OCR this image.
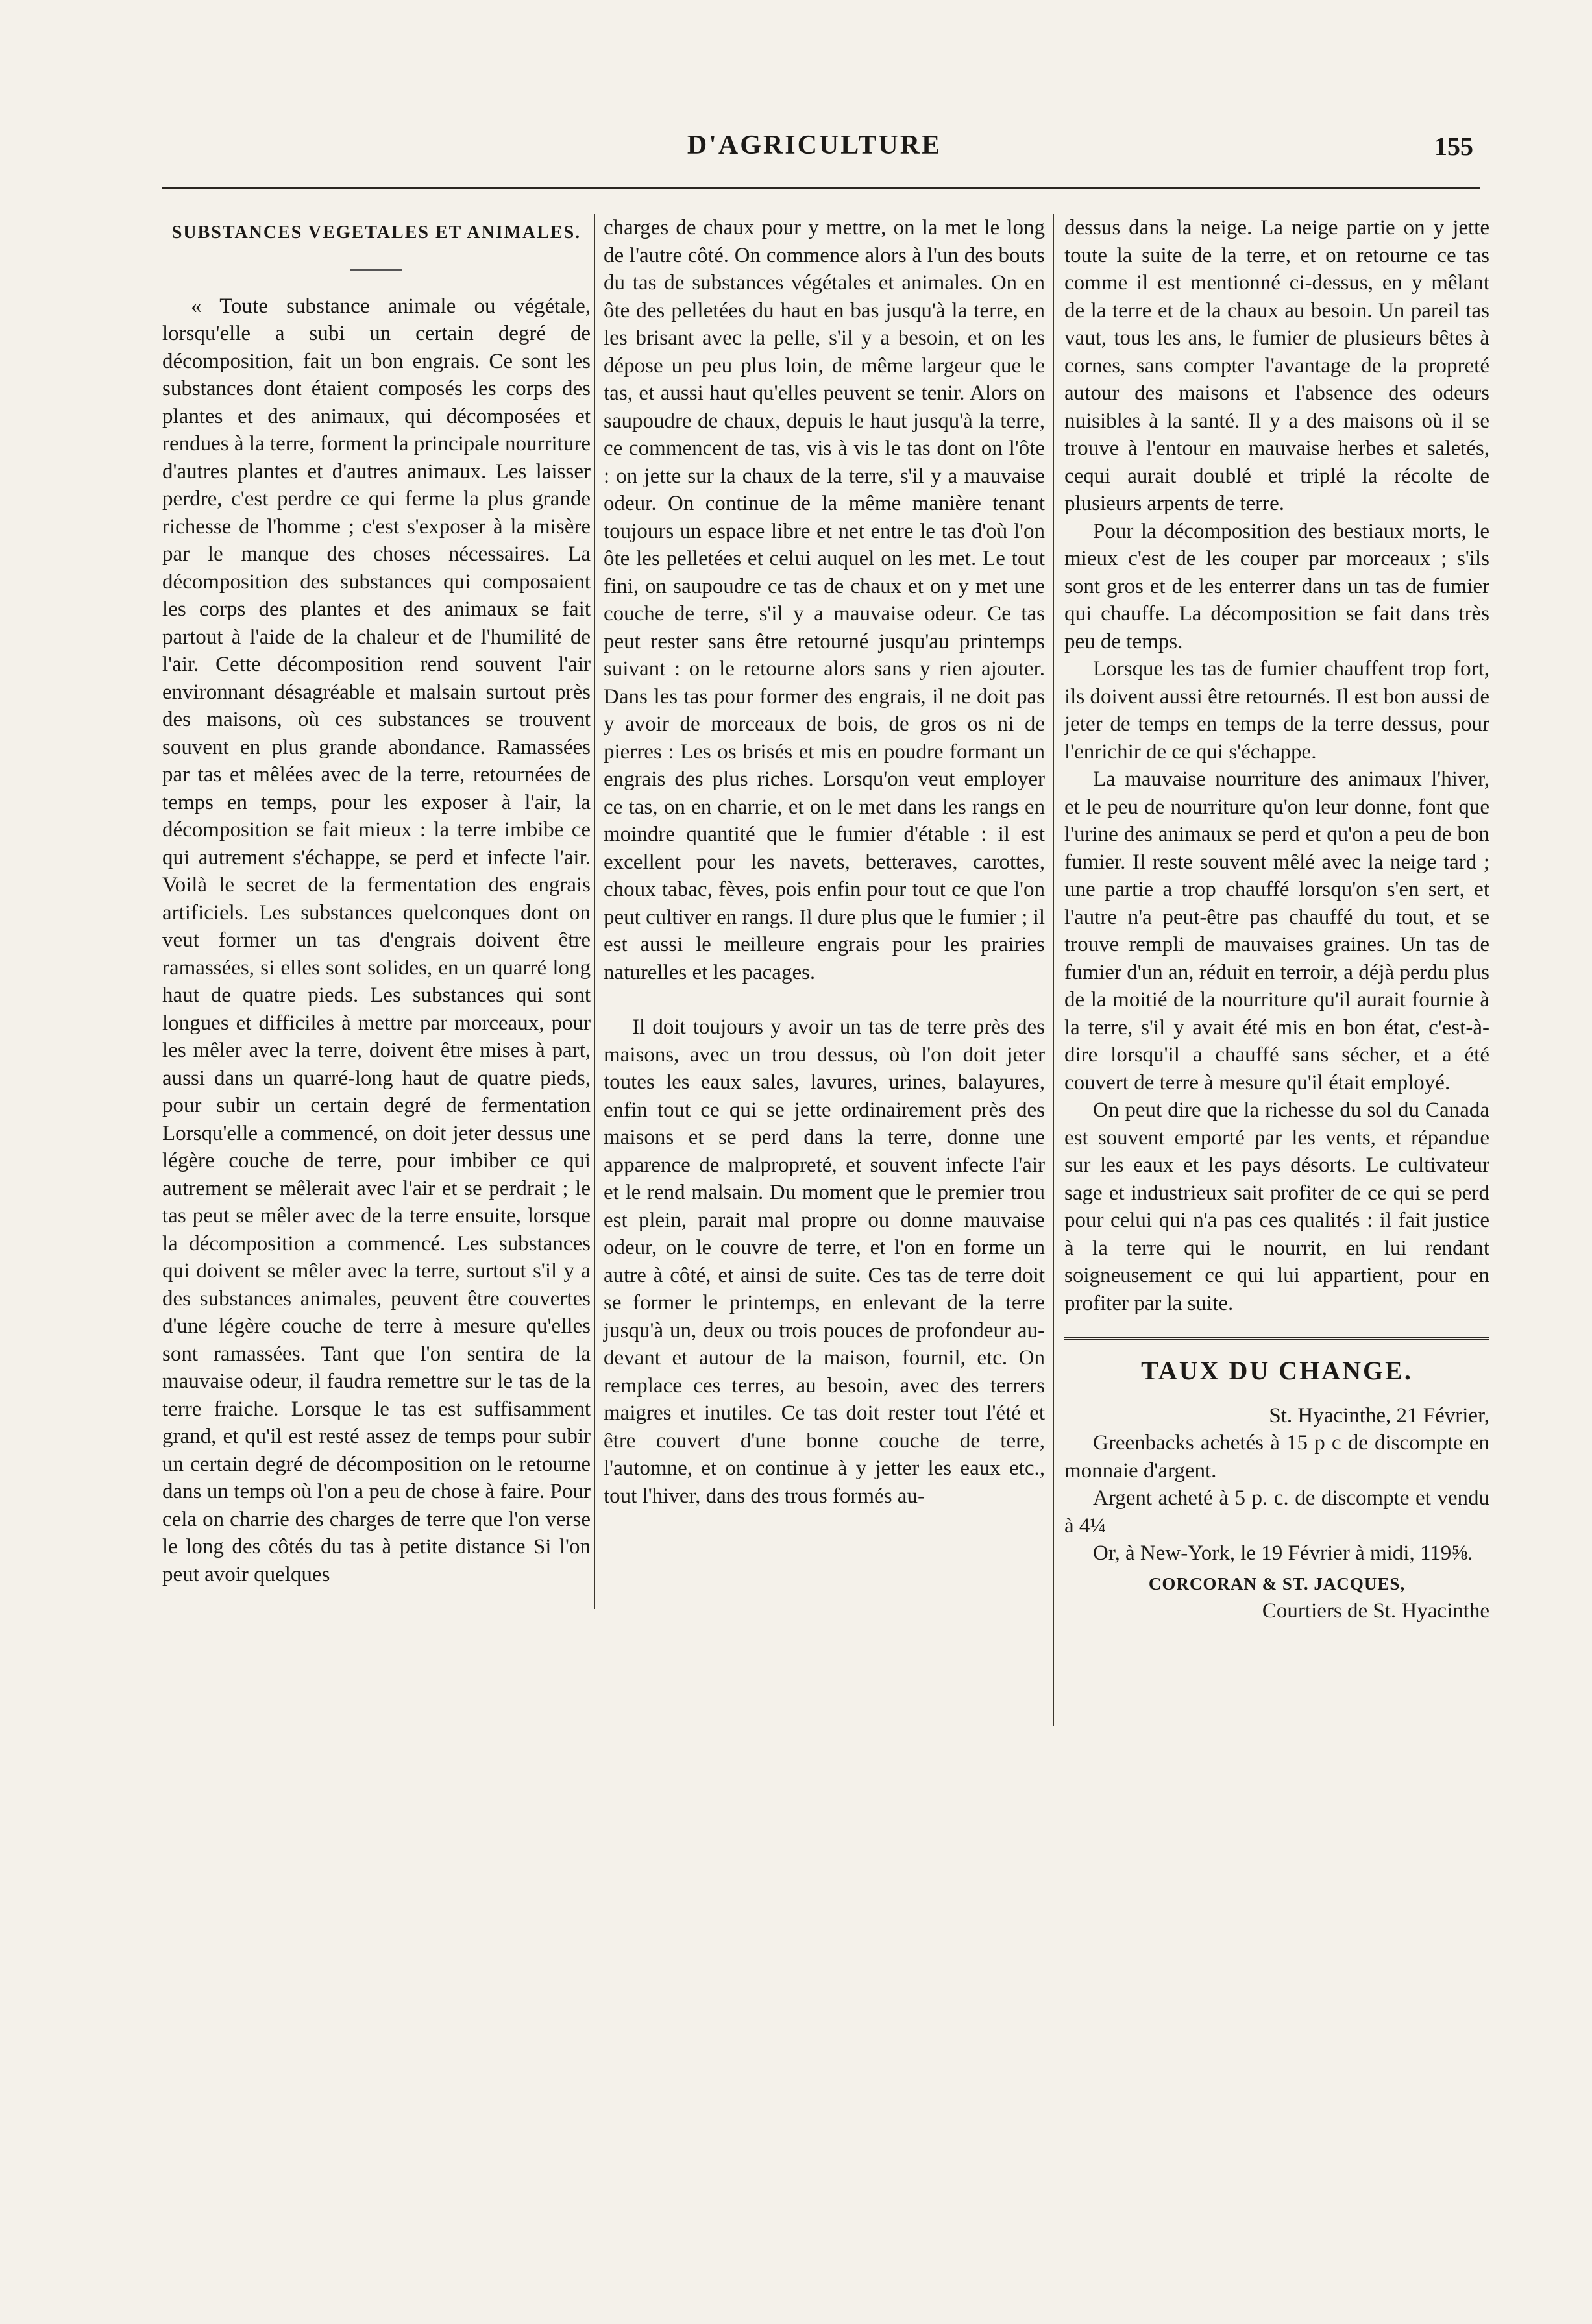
D'AGRICULTURE	155
SUBSTANCES VEGETALES ET ANIMALES.

« Toute substance animale ou végétale, lorsqu'elle a subi un certain degré de décomposition, fait un bon engrais. Ce sont les substances dont étaient composés les corps des plantes et des animaux, qui décomposées et rendues à la terre, forment la principale nourriture d'autres plantes et d'autres animaux. Les laisser perdre, c'est perdre ce qui ferme la plus grande richesse de l'homme ; c'est s'exposer à la misère par le manque des choses nécessaires. La décomposition des substances qui composaient les corps des plantes et des animaux se fait partout à l'aide de la chaleur et de l'humilité de l'air. Cette décomposition rend souvent l'air environnant désagréable et malsain surtout près des maisons, où ces substances se trouvent souvent en plus grande abondance. Ramassées par tas et mêlées avec de la terre, retournées de temps en temps, pour les exposer à l'air, la décomposition se fait mieux : la terre imbibe ce qui autrement s'échappe, se perd et infecte l'air. Voilà le secret de la fermentation des engrais artificiels. Les substances quelconques dont on veut former un tas d'engrais doivent être ramassées, si elles sont solides, en un quarré long haut de quatre pieds. Les substances qui sont longues et difficiles à mettre par morceaux, pour les mêler avec la terre, doivent être mises à part, aussi dans un quarré-long haut de quatre pieds, pour subir un certain degré de fermentation Lorsqu'elle a commencé, on doit jeter dessus une légère couche de terre, pour imbiber ce qui autrement se mêlerait avec l'air et se perdrait ; le tas peut se mêler avec de la terre ensuite, lorsque la décomposition a commencé. Les substances qui doivent se mêler avec la terre, surtout s'il y a des substances animales, peuvent être couvertes d'une légère couche de terre à mesure qu'elles sont ramassées. Tant que l'on sentira de la mauvaise odeur, il faudra remettre sur le tas de la terre fraiche. Lorsque le tas est suffisamment grand, et qu'il est resté assez de temps pour subir un certain degré de décomposition on le retourne dans un temps où l'on a peu de chose à faire. Pour cela on charrie des charges de terre que l'on verse le long des côtés du tas à petite distance Si l'on peut avoir quelques

charges de chaux pour y mettre, on la met le long de l'autre côté. On commence alors à l'un des bouts du tas de substances végétales et animales. On en ôte des pelletées du haut en bas jusqu'à la terre, en les brisant avec la pelle, s'il y a besoin, et on les dépose un peu plus loin, de même largeur que le tas, et aussi haut qu'elles peuvent se tenir. Alors on saupoudre de chaux, depuis le haut jusqu'à la terre, ce commencent de tas, vis à vis le tas dont on l'ôte : on jette sur la chaux de la terre, s'il y a mauvaise odeur. On continue de la même manière tenant toujours un espace libre et net entre le tas d'où l'on ôte les pelletées et celui auquel on les met. Le tout fini, on saupoudre ce tas de chaux et on y met une couche de terre, s'il y a mauvaise odeur. Ce tas peut rester sans être retourné jusqu'au printemps suivant : on le retourne alors sans y rien ajouter. Dans les tas pour former des engrais, il ne doit pas y avoir de morceaux de bois, de gros os ni de pierres : Les os brisés et mis en poudre formant un engrais des plus riches. Lorsqu'on veut employer ce tas, on en charrie, et on le met dans les rangs en moindre quantité que le fumier d'étable : il est excellent pour les navets, betteraves, carottes, choux tabac, fèves, pois enfin pour tout ce que l'on peut cultiver en rangs. Il dure plus que le fumier ; il est aussi le meilleure engrais pour les prairies naturelles et les pacages.

Il doit toujours y avoir un tas de terre près des maisons, avec un trou dessus, où l'on doit jeter toutes les eaux sales, lavures, urines, balayures, enfin tout ce qui se jette ordinairement près des maisons et se perd dans la terre, donne une apparence de malpropreté, et souvent infecte l'air et le rend malsain. Du moment que le premier trou est plein, parait mal propre ou donne mauvaise odeur, on le couvre de terre, et l'on en forme un autre à côté, et ainsi de suite. Ces tas de terre doit se former le printemps, en enlevant de la terre jusqu'à un, deux ou trois pouces de profondeur au-devant et autour de la maison, fournil, etc. On remplace ces terres, au besoin, avec des terrers maigres et inutiles. Ce tas doit rester tout l'été et être couvert d'une bonne couche de terre, l'automne, et on continue à y jetter les eaux etc., tout l'hiver, dans des trous formés au-

dessus dans la neige. La neige partie on y jette toute la suite de la terre, et on retourne ce tas comme il est mentionné ci-dessus, en y mêlant de la terre et de la chaux au besoin. Un pareil tas vaut, tous les ans, le fumier de plusieurs bêtes à cornes, sans compter l'avantage de la propreté autour des maisons et l'absence des odeurs nuisibles à la santé. Il y a des maisons où il se trouve à l'entour en mauvaise herbes et saletés, cequi aurait doublé et triplé la récolte de plusieurs arpents de terre.

Pour la décomposition des bestiaux morts, le mieux c'est de les couper par morceaux ; s'ils sont gros et de les enterrer dans un tas de fumier qui chauffe. La décomposition se fait dans très peu de temps.

Lorsque les tas de fumier chauffent trop fort, ils doivent aussi être retournés. Il est bon aussi de jeter de temps en temps de la terre dessus, pour l'enrichir de ce qui s'échappe.

La mauvaise nourriture des animaux l'hiver, et le peu de nourriture qu'on leur donne, font que l'urine des animaux se perd et qu'on a peu de bon fumier. Il reste souvent mêlé avec la neige tard ; une partie a trop chauffé lorsqu'on s'en sert, et l'autre n'a peut-être pas chauffé du tout, et se trouve rempli de mauvaises graines. Un tas de fumier d'un an, réduit en terroir, a déjà perdu plus de la moitié de la nourriture qu'il aurait fournie à la terre, s'il y avait été mis en bon état, c'est-à-dire lorsqu'il a chauffé sans sécher, et a été couvert de terre à mesure qu'il était employé.

On peut dire que la richesse du sol du Canada est souvent emporté par les vents, et répandue sur les eaux et les pays désorts. Le cultivateur sage et industrieux sait profiter de ce qui se perd pour celui qui n'a pas ces qualités : il fait justice à la terre qui le nourrit, en lui rendant soigneusement ce qui lui appartient, pour en profiter par la suite.

TAUX DU CHANGE.
St. Hyacinthe, 21 Février,

Greenbacks achetés à 15 p c de discompte en monnaie d'argent.

Argent acheté à 5 p. c. de discompte et vendu à 4¼

Or, à New-York, le 19 Février à midi, 119⅝.

CORCORAN & ST. JACQUES,
Courtiers de St. Hyacinthe
